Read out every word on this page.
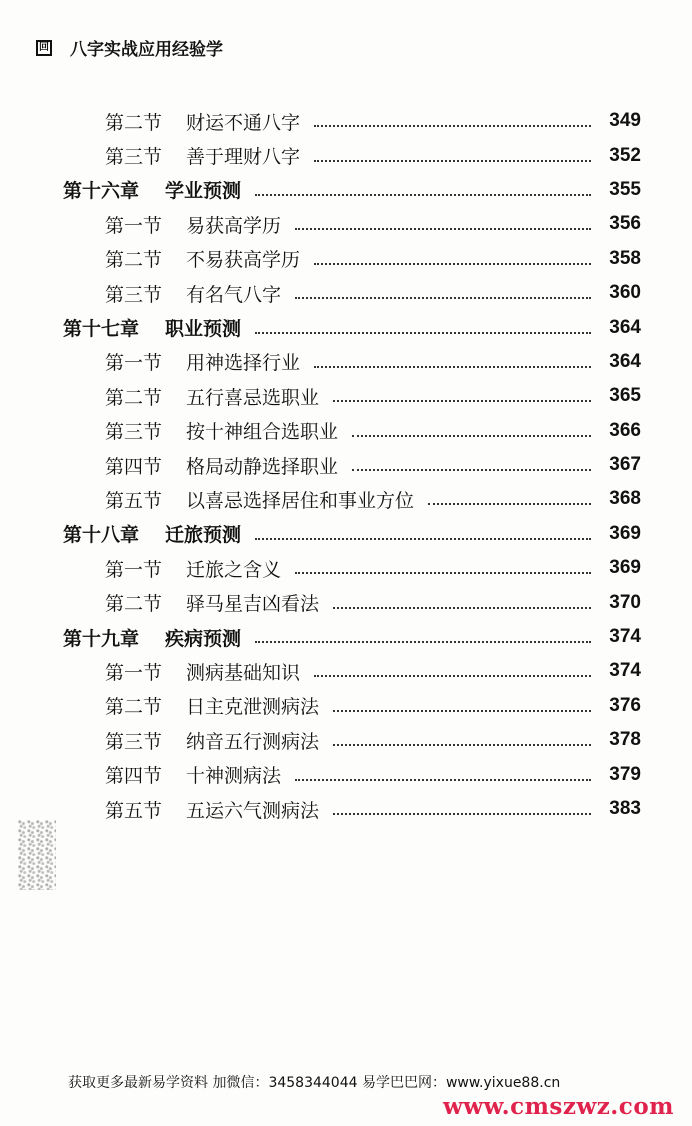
回 八字实战应用经验学
第二节 财运不通八字	349
第三节 善于理财八字	352
第十六章 学业预测	355
第一节 易获高学历	356
第二节 不易获高学历	358
第三节 有名气八字	360
第十七章 职业预测	364
第一节 用神选择行业	364
第二节 五行喜忌选职业	365
第三节 按十神组合选职业	366
第四节 格局动静选择职业	367
第五节 以喜忌选择居住和事业方位	368
第十八章 迁旅预测	369
第一节 迁旅之含义	369
第二节 驿马星吉凶看法	370
第十九章 疾病预测	374
第一节 测病基础知识	374
第二节 日主克泄测病法	376
第三节 纳音五行测病法	378
第四节 十神测病法	379
第五节 五运六气测病法	383
获取更多最新易学资料 加微信：3458344044 易学巴巴网：www.yixue88.cn
www.cmszwz.com
